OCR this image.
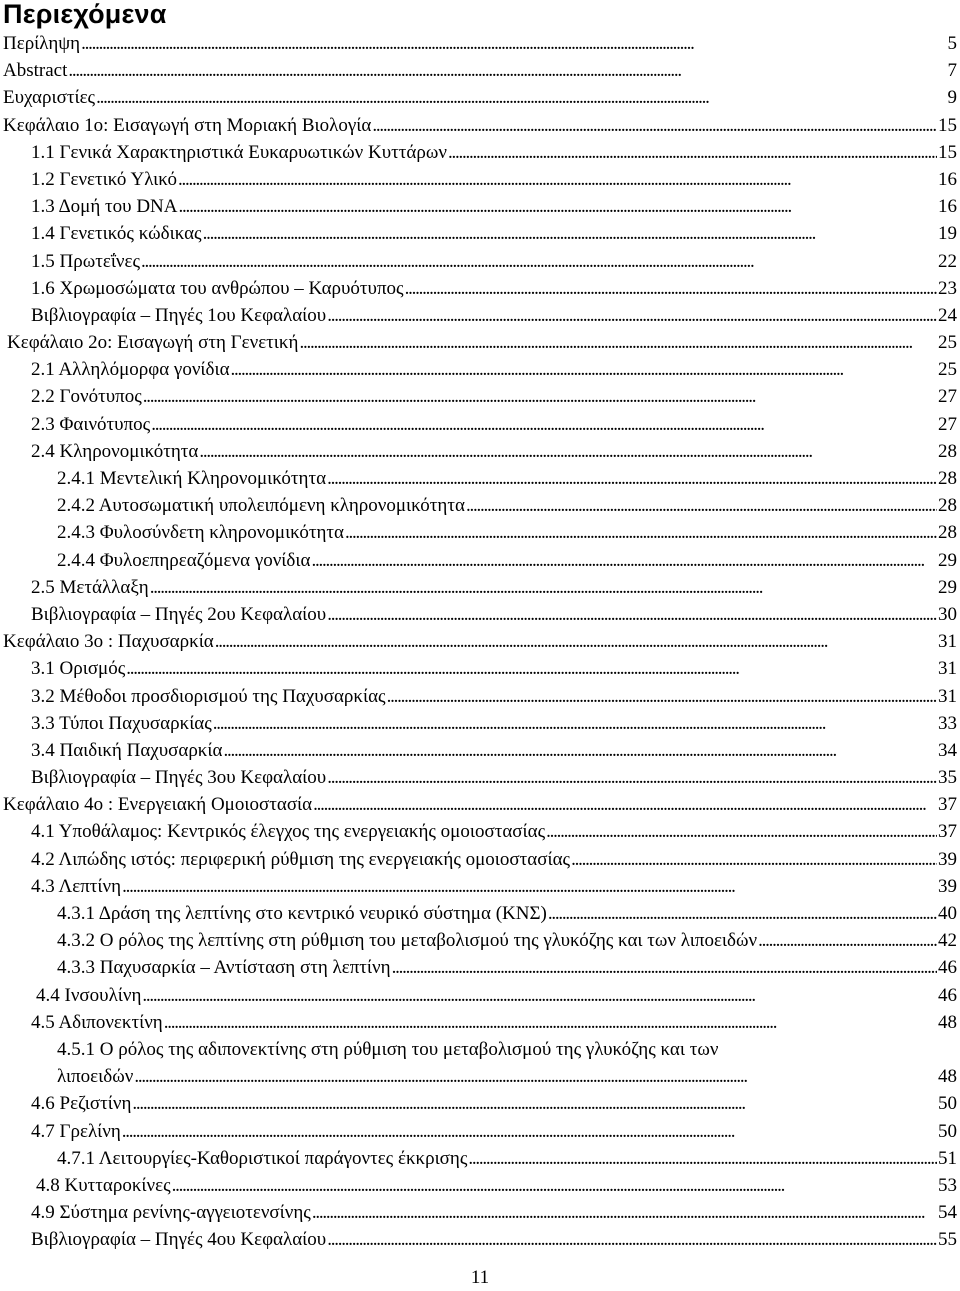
Περιεχόμενα
Περίληψη . . .	5
Abstract . . .	7
Ευχαριστίες . . .	9
Κεφάλαιο 1ο: Εισαγωγή στη Μοριακή Βιολογία . . .	15
1.1 Γενικά Χαρακτηριστικά Ευκαρυωτικών Κυττάρων . . .	15
1.2 Γενετικό Υλικό . . .	16
1.3 Δομή του DNA . . .	16
1.4 Γενετικός κώδικας . . .	19
1.5 Πρωτεΐνες . . .	22
1.6 Χρωμοσώματα του ανθρώπου – Καρυότυπος . . .	23
Βιβλιογραφία – Πηγές 1ου Κεφαλαίου . . .	24
Κεφάλαιο 2ο: Εισαγωγή στη Γενετική . . .	25
2.1 Αλληλόμορφα γονίδια . . .	25
2.2 Γονότυπος . . .	27
2.3 Φαινότυπος . . .	27
2.4 Κληρονομικότητα . . .	28
2.4.1 Μεντελική Κληρονομικότητα . . .	28
2.4.2 Αυτοσωματική υπολειπόμενη κληρονομικότητα . . .	28
2.4.3 Φυλοσύνδετη κληρονομικότητα . . .	28
2.4.4 Φυλοεπηρεαζόμενα γονίδια . . .	29
2.5 Μετάλλαξη . . .	29
Βιβλιογραφία – Πηγές 2ου Κεφαλαίου . . .	30
Κεφάλαιο 3ο : Παχυσαρκία . . .	31
3.1 Ορισμός . . .	31
3.2 Μέθοδοι προσδιορισμού της Παχυσαρκίας . . .	31
3.3 Τύποι Παχυσαρκίας . . .	33
3.4 Παιδική Παχυσαρκία . . .	34
Βιβλιογραφία – Πηγές 3ου Κεφαλαίου . . .	35
Κεφάλαιο 4ο : Ενεργειακή Ομοιοστασία . . .	37
4.1 Υποθάλαμος: Κεντρικός έλεγχος της ενεργειακής ομοιοστασίας . . .	37
4.2 Λιπώδης ιστός: περιφερική ρύθμιση της ενεργειακής ομοιοστασίας . . .	39
4.3 Λεπτίνη . . .	39
4.3.1 Δράση της λεπτίνης στο κεντρικό νευρικό σύστημα (ΚΝΣ) . . .	40
4.3.2 Ο ρόλος της λεπτίνης στη ρύθμιση του μεταβολισμού της γλυκόζης και των λιποειδών . . .	42
4.3.3 Παχυσαρκία – Αντίσταση στη λεπτίνη . . .	46
4.4 Ινσουλίνη . . .	46
4.5 Αδιπονεκτίνη . . .	48
4.5.1 Ο ρόλος της αδιπονεκτίνης στη ρύθμιση του μεταβολισμού της γλυκόζης και των
λιποειδών . . .	48
4.6 Ρεζιστίνη . . .	50
4.7 Γρελίνη . . .	50
4.7.1 Λειτουργίες-Καθοριστικοί παράγοντες έκκρισης . . .	51
4.8 Κυτταροκίνες . . .	53
4.9 Σύστημα ρενίνης-αγγειοτενσίνης . . .	54
Βιβλιογραφία – Πηγές 4ου Κεφαλαίου . . .	55
11
